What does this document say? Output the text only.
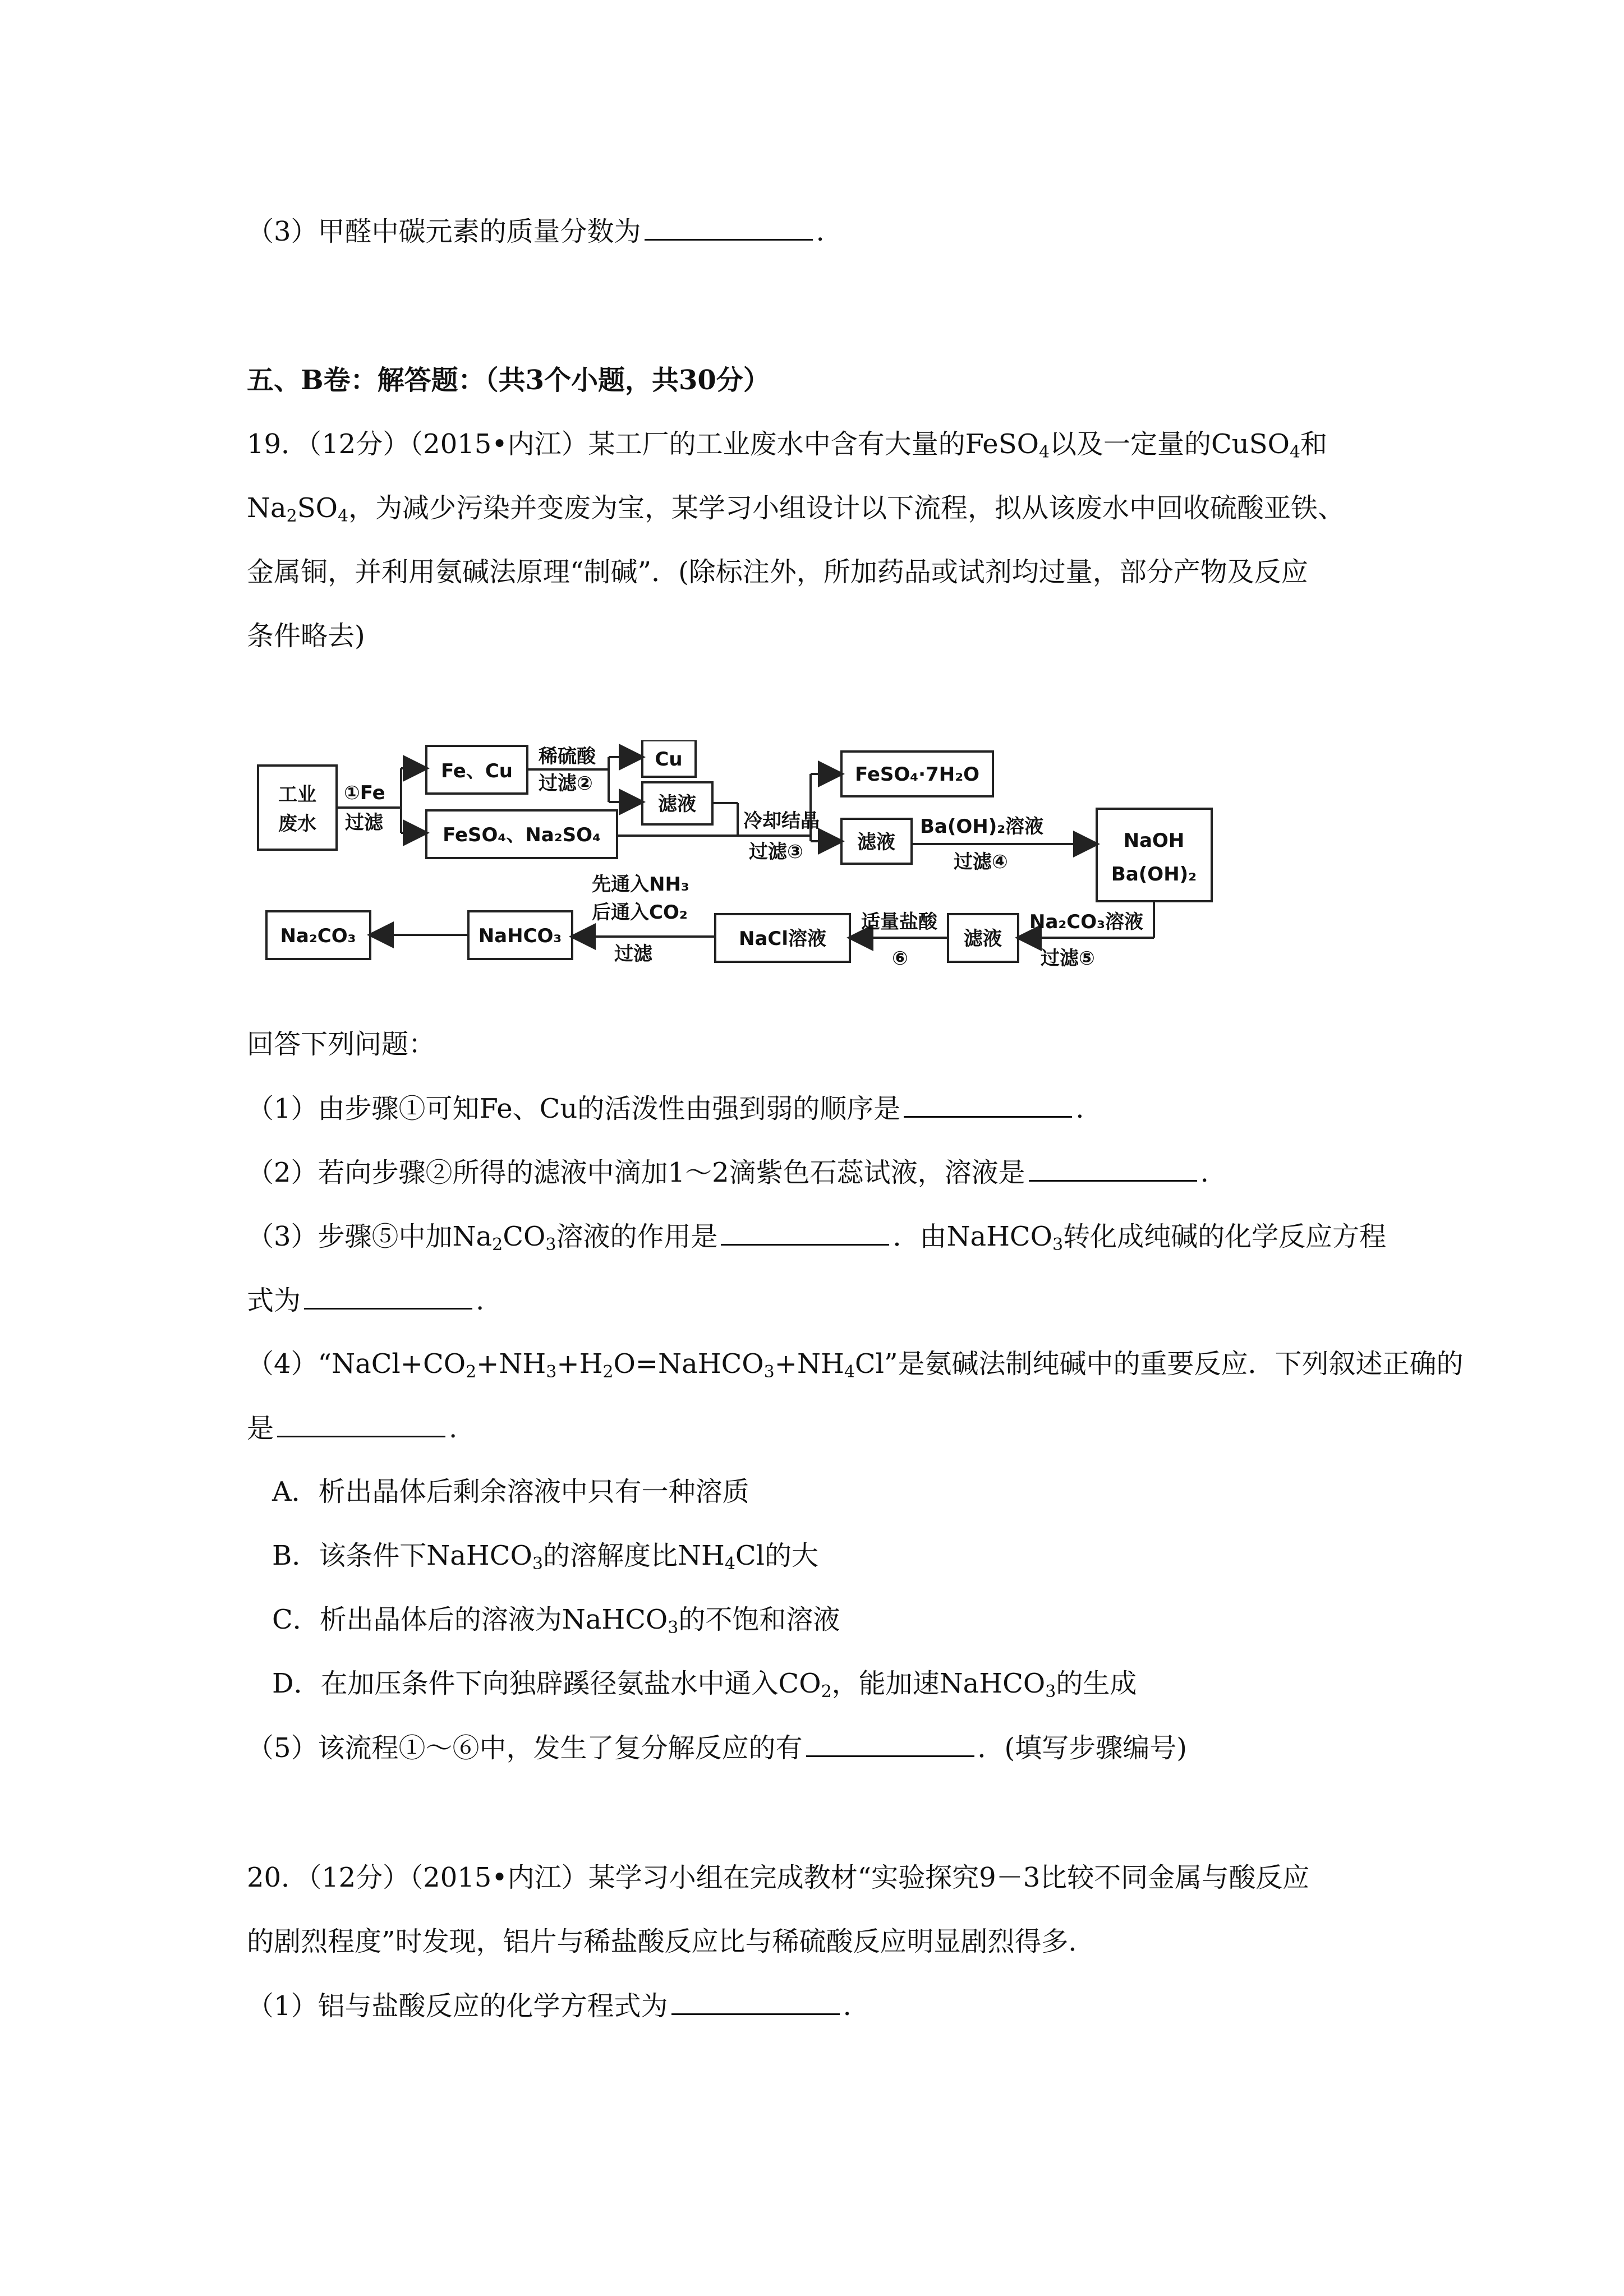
（3）甲醛中碳元素的质量分数为	.
五、B卷：解答题：（共3个小题，共30分）
19．（12分）（2015•内江）某工厂的工业废水中含有大量的FeSO$_4$以及一定量的CuSO$_4$和
$Na_2SO_4$，为减少污染并变废为宝，某学习小组设计以下流程，拟从该废水中回收硫酸亚铁、
金属铜，并利用氨碱法原理“制碱”．(除标注外，所加药品或试剂均过量，部分产物及反应
条件略去)
工业
废水
①Fe
过滤
Fe、Cu
FeSO₄、Na₂SO₄
稀硫酸
过滤②
Cu
滤液
冷却结晶
过滤③
FeSO₄·7H₂O
滤液
Ba(OH)₂溶液
过滤④
NaOH
Ba(OH)₂
Na₂CO₃溶液
过滤⑤
滤液
适量盐酸
⑥
NaCl溶液
先通入NH₃
后通入CO₂
过滤
NaHCO₃
Na₂CO₃
回答下列问题：
（1）由步骤①可知Fe、Cu的活泼性由强到弱的顺序是	.
（2）若向步骤②所得的滤液中滴加1～2滴紫色石蕊试液，溶液是	.
（3）步骤⑤中加$Na_2CO_3$溶液的作用是	．由NaHCO$_3$转化成纯碱的化学反应方程
式为	.
$(4)“NaCl+CO_2+NH_3+H_2O=NaHCO_3+NH_4Cl$”是氨碱法制纯碱中的重要反应．下列叙述正确的
是	.
A．析出晶体后剩余溶液中只有一种溶质
B．该条件下NaHCO$_3$的溶解度比$NH_4Cl$的大
C．析出晶体后的溶液为NaHCO$_3$的不饱和溶液
D．在加压条件下向独辟蹊径氨盐水中通入$CO_2$，能加速NaHCO$_3$的生成
（5）该流程①～⑥中，发生了复分解反应的有	．(填写步骤编号)
20．（12分）（2015•内江）某学习小组在完成教材“实验探究9－3比较不同金属与酸反应
的剧烈程度”时发现，铝片与稀盐酸反应比与稀硫酸反应明显剧烈得多．
（1）铝与盐酸反应的化学方程式为	.
